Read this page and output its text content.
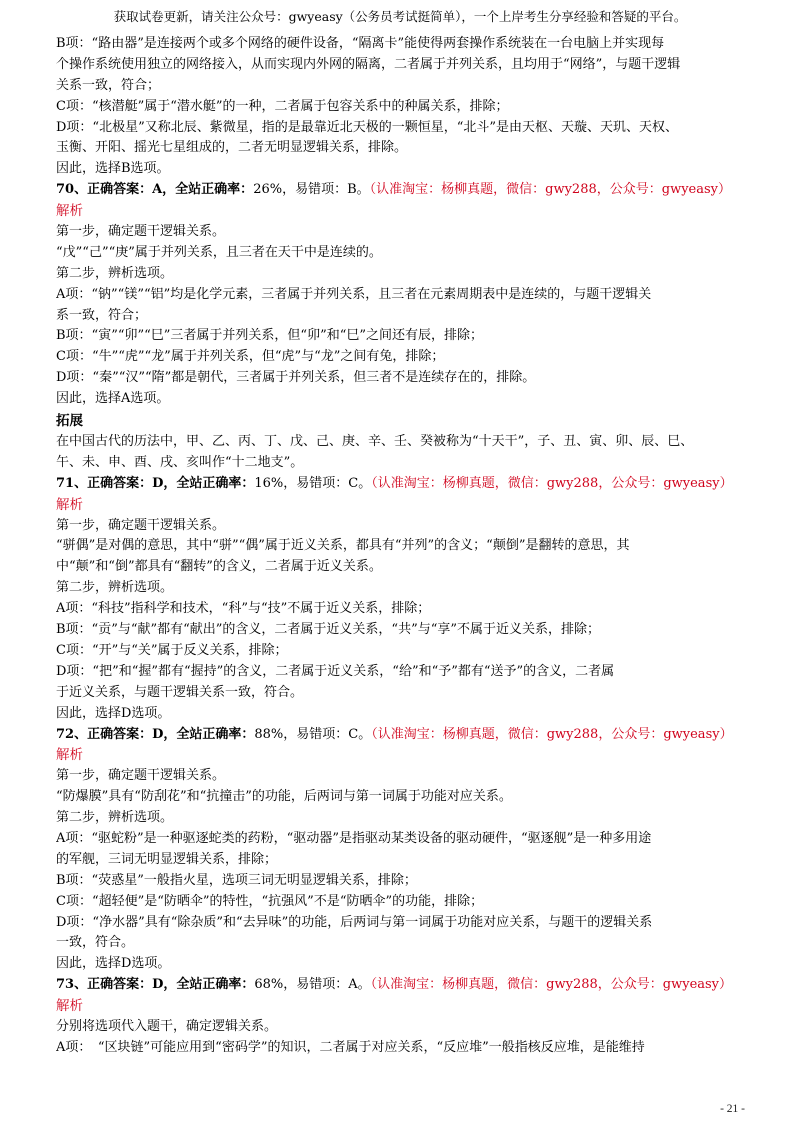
获取试卷更新，请关注公众号：gwyeasy（公务员考试挺简单），一个上岸考生分享经验和答疑的平台。
B项：“路由器”是连接两个或多个网络的硬件设备，“隔离卡”能使得两套操作系统装在一台电脑上并实现每
个操作系统使用独立的网络接入，从而实现内外网的隔离，二者属于并列关系，且均用于“网络”，与题干逻辑
关系一致，符合；
C项：“核潜艇”属于“潜水艇”的一种，二者属于包容关系中的种属关系，排除；
D项：“北极星”又称北辰、紫微星，指的是最靠近北天极的一颗恒星，“北斗”是由天枢、天璇、天玑、天权、
玉衡、开阳、摇光七星组成的，二者无明显逻辑关系，排除。
因此，选择B选项。
70、正确答案：A，全站正确率：26%，易错项：B。（认准淘宝：杨柳真题，微信：gwy288，公众号：gwyeasy）
解析
第一步，确定题干逻辑关系。
“戊”“己”“庚”属于并列关系，且三者在天干中是连续的。
第二步，辨析选项。
A项：“钠”“镁”“铝”均是化学元素，三者属于并列关系，且三者在元素周期表中是连续的，与题干逻辑关
系一致，符合；
B项：“寅”“卯”“巳”三者属于并列关系，但“卯”和“巳”之间还有辰，排除；
C项：“牛”“虎”“龙”属于并列关系，但“虎”与“龙”之间有兔，排除；
D项：“秦”“汉”“隋”都是朝代，三者属于并列关系，但三者不是连续存在的，排除。
因此，选择A选项。
拓展
在中国古代的历法中，甲、乙、丙、丁、戊、己、庚、辛、壬、癸被称为“十天干”，子、丑、寅、卯、辰、巳、
午、未、申、酉、戌、亥叫作“十二地支”。
71、正确答案：D，全站正确率：16%，易错项：C。（认准淘宝：杨柳真题，微信：gwy288，公众号：gwyeasy）
解析
第一步，确定题干逻辑关系。
“骈偶”是对偶的意思，其中“骈”“偶”属于近义关系，都具有“并列”的含义；“颠倒”是翻转的意思，其
中“颠”和“倒”都具有“翻转”的含义，二者属于近义关系。
第二步，辨析选项。
A项：“科技”指科学和技术，“科”与“技”不属于近义关系，排除；
B项：“贡”与“献”都有“献出”的含义，二者属于近义关系，“共”与“享”不属于近义关系，排除；
C项：“开”与“关”属于反义关系，排除；
D项：“把”和“握”都有“握持”的含义，二者属于近义关系，“给”和“予”都有“送予”的含义，二者属
于近义关系，与题干逻辑关系一致，符合。
因此，选择D选项。
72、正确答案：D，全站正确率：88%，易错项：C。（认准淘宝：杨柳真题，微信：gwy288，公众号：gwyeasy）
解析
第一步，确定题干逻辑关系。
“防爆膜”具有“防刮花”和“抗撞击”的功能，后两词与第一词属于功能对应关系。
第二步，辨析选项。
A项：“驱蛇粉”是一种驱逐蛇类的药粉，“驱动器”是指驱动某类设备的驱动硬件，“驱逐舰”是一种多用途
的军舰，三词无明显逻辑关系，排除；
B项：“荧惑星”一般指火星，选项三词无明显逻辑关系，排除；
C项：“超轻便”是“防晒伞”的特性，“抗强风”不是“防晒伞”的功能，排除；
D项：“净水器”具有“除杂质”和“去异味”的功能，后两词与第一词属于功能对应关系，与题干的逻辑关系
一致，符合。
因此，选择D选项。
73、正确答案：D，全站正确率：68%，易错项：A。（认准淘宝：杨柳真题，微信：gwy288，公众号：gwyeasy）
解析
分别将选项代入题干，确定逻辑关系。
A项：　“区块链”可能应用到“密码学”的知识，二者属于对应关系，“反应堆”一般指核反应堆，是能维持
- 21 -
